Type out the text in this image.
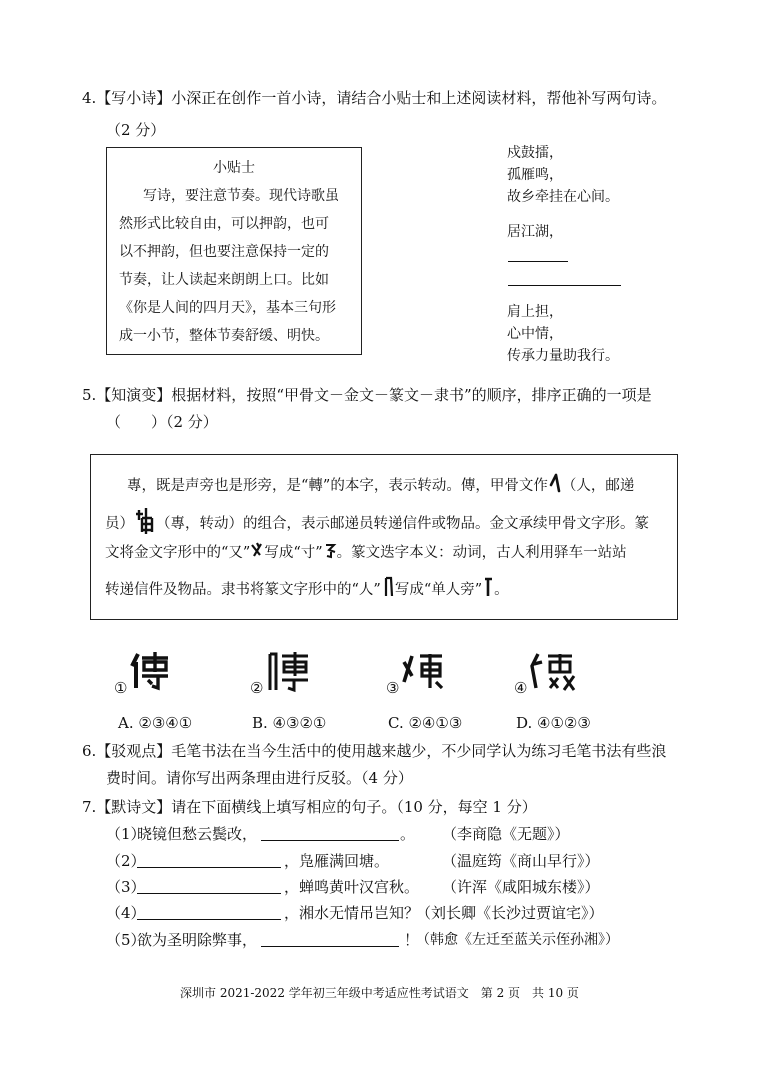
4.【写小诗】小深正在创作一首小诗，请结合小贴士和上述阅读材料，帮他补写两句诗。
（2 分）
小贴士
写诗，要注意节奏。现代诗歌虽
然形式比较自由，可以押韵，也可
以不押韵，但也要注意保持一定的
节奏，让人读起来朗朗上口。比如
《你是人间的四月天》，基本三句形
成一小节，整体节奏舒缓、明快。
戍鼓擂，
孤雁鸣，
故乡牵挂在心间。
居江湖，
肩上担，
心中情，
传承力量助我行。
5.【知演变】根据材料，按照“甲骨文－金文－篆文－隶书”的顺序，排序正确的一项是
（　　）（2 分）
專，既是声旁也是形旁，是“轉”的本字，表示转动。傳，甲骨文作 （人，邮递
员） （專，转动）的组合，表示邮递员转递信件或物品。金文承续甲骨文字形。篆
文将金文字形中的“又” 写成“寸” 。篆文迭字本义：动词，古人利用驿车一站站
转递信件及物品。隶书将篆文字形中的“人” 写成“单人旁” 。
①	②	③	④
A. ②③④①	B. ④③②①	C. ②④①③	D. ④①②③
6.【驳观点】毛笔书法在当今生活中的使用越来越少，不少同学认为练习毛笔书法有些浪
费时间。请你写出两条理由进行反驳。（4 分）
7.【默诗文】请在下面横线上填写相应的句子。（10 分，每空 1 分）
（1）
晓镜但愁云鬓改，	。 （李商隐《无题》）
（2）	，凫雁满回塘。	（温庭筠《商山早行》）
（3）	，蝉鸣黄叶汉宫秋。 （许浑《咸阳城东楼》）
（4）	，湘水无情吊岂知？
（刘长卿《长沙过贾谊宅》）
（5）
欲为圣明除弊事，	！
（韩愈《左迁至蓝关示侄孙湘》）
深圳市 2021-2022 学年初三年级中考适应性考试语文　第 2 页　共 10 页
